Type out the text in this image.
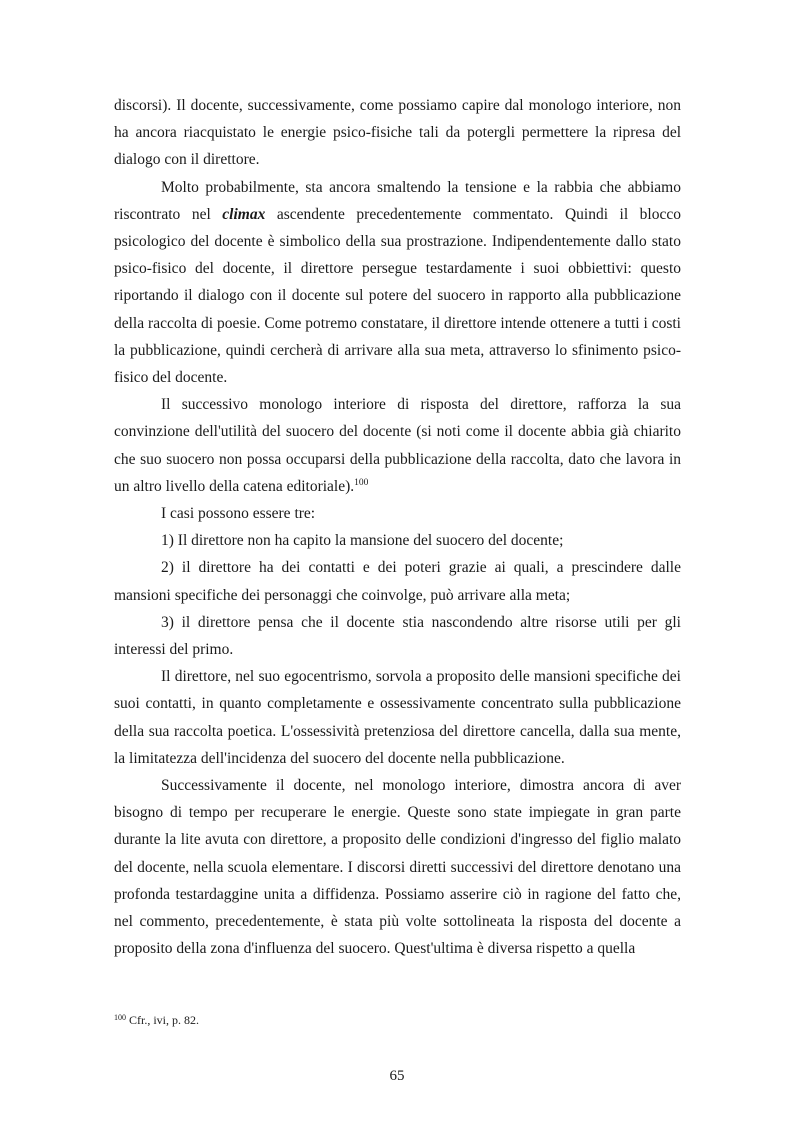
discorsi). Il docente, successivamente, come possiamo capire dal monologo interiore, non ha ancora riacquistato le energie psico-fisiche tali da potergli permettere la ripresa del dialogo con il direttore.

Molto probabilmente, sta ancora smaltendo la tensione e la rabbia che abbiamo riscontrato nel climax ascendente precedentemente commentato. Quindi il blocco psicologico del docente è simbolico della sua prostrazione. Indipendentemente dallo stato psico-fisico del docente, il direttore persegue testardamente i suoi obbiettivi: questo riportando il dialogo con il docente sul potere del suocero in rapporto alla pubblicazione della raccolta di poesie. Come potremo constatare, il direttore intende ottenere a tutti i costi la pubblicazione, quindi cercherà di arrivare alla sua meta, attraverso lo sfinimento psico-fisico del docente.

Il successivo monologo interiore di risposta del direttore, rafforza la sua convinzione dell'utilità del suocero del docente (si noti come il docente abbia già chiarito che suo suocero non possa occuparsi della pubblicazione della raccolta, dato che lavora in un altro livello della catena editoriale).$^{100}$

I casi possono essere tre:

1) Il direttore non ha capito la mansione del suocero del docente;

2) il direttore ha dei contatti e dei poteri grazie ai quali, a prescindere dalle mansioni specifiche dei personaggi che coinvolge, può arrivare alla meta;

3) il direttore pensa che il docente stia nascondendo altre risorse utili per gli interessi del primo.

Il direttore, nel suo egocentrismo, sorvola a proposito delle mansioni specifiche dei suoi contatti, in quanto completamente e ossessivamente concentrato sulla pubblicazione della sua raccolta poetica. L'ossessività pretenziosa del direttore cancella, dalla sua mente, la limitatezza dell'incidenza del suocero del docente nella pubblicazione.

Successivamente il docente, nel monologo interiore, dimostra ancora di aver bisogno di tempo per recuperare le energie. Queste sono state impiegate in gran parte durante la lite avuta con direttore, a proposito delle condizioni d'ingresso del figlio malato del docente, nella scuola elementare. I discorsi diretti successivi del direttore denotano una profonda testardaggine unita a diffidenza. Possiamo asserire ciò in ragione del fatto che, nel commento, precedentemente, è stata più volte sottolineata la risposta del docente a proposito della zona d'influenza del suocero. Quest'ultima è diversa rispetto a quella

$^{100}$ Cfr., ivi, p. 82.
65
